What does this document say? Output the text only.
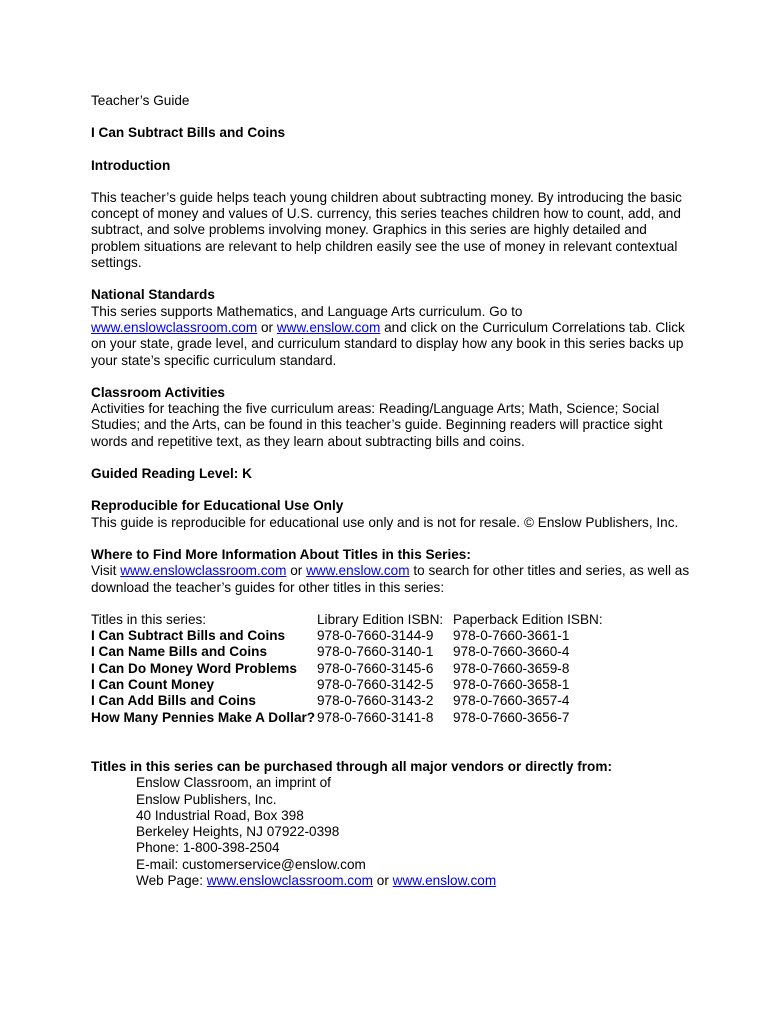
Teacher’s Guide

I Can Subtract Bills and Coins

Introduction

This teacher’s guide helps teach young children about subtracting money. By introducing the basic concept of money and values of U.S. currency, this series teaches children how to count, add, and subtract, and solve problems involving money. Graphics in this series are highly detailed and problem situations are relevant to help children easily see the use of money in relevant contextual settings.

National Standards

This series supports Mathematics, and Language Arts curriculum. Go to www.enslowclassroom.com or www.enslow.com and click on the Curriculum Correlations tab. Click on your state, grade level, and curriculum standard to display how any book in this series backs up your state’s specific curriculum standard.

Classroom Activities

Activities for teaching the five curriculum areas: Reading/Language Arts; Math, Science; Social Studies; and the Arts, can be found in this teacher’s guide. Beginning readers will practice sight words and repetitive text, as they learn about subtracting bills and coins.

Guided Reading Level: K

Reproducible for Educational Use Only

This guide is reproducible for educational use only and is not for resale. © Enslow Publishers, Inc.

Where to Find More Information About Titles in this Series:

Visit www.enslowclassroom.com or www.enslow.com to search for other titles and series, as well as download the teacher’s guides for other titles in this series:

Titles in this series:	Library Edition ISBN:	Paperback Edition ISBN:
I Can Subtract Bills and Coins	978-0-7660-3144-9	978-0-7660-3661-1
I Can Name Bills and Coins	978-0-7660-3140-1	978-0-7660-3660-4
I Can Do Money Word Problems	978-0-7660-3145-6	978-0-7660-3659-8
I Can Count Money	978-0-7660-3142-5	978-0-7660-3658-1
I Can Add Bills and Coins	978-0-7660-3143-2	978-0-7660-3657-4
How Many Pennies Make A Dollar?	978-0-7660-3141-8	978-0-7660-3656-7

Titles in this series can be purchased through all major vendors or directly from:

Enslow Classroom, an imprint of

Enslow Publishers, Inc.

40 Industrial Road, Box 398

Berkeley Heights, NJ 07922-0398

Phone: 1-800-398-2504

E-mail: customerservice@enslow.com

Web Page: www.enslowclassroom.com or www.enslow.com
